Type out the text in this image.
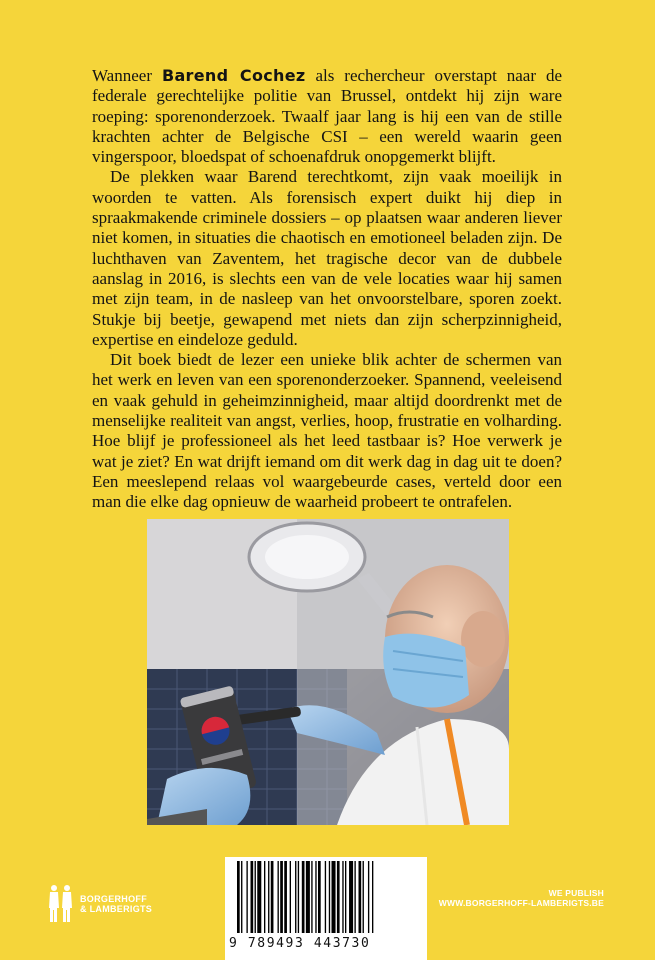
Wanneer Barend Cochez als rechercheur overstapt naar de federale gerechtelijke politie van Brussel, ontdekt hij zijn ware roeping: sporenonderzoek. Twaalf jaar lang is hij een van de stille krachten achter de Belgische CSI – een wereld waarin geen vingerspoor, bloedspat of schoenafdruk onopgemerkt blijft.

De plekken waar Barend terechtkomt, zijn vaak moeilijk in woorden te vatten. Als forensisch expert duikt hij diep in spraakmakende criminele dossiers – op plaatsen waar anderen liever niet komen, in situaties die chaotisch en emotioneel beladen zijn. De luchthaven van Zaventem, het tragische decor van de dubbele aanslag in 2016, is slechts een van de vele locaties waar hij samen met zijn team, in de nasleep van het onvoorstelbare, sporen zoekt. Stukje bij beetje, gewapend met niets dan zijn scherpzinnigheid, expertise en eindeloze geduld.

Dit boek biedt de lezer een unieke blik achter de schermen van het werk en leven van een sporenonderzoeker. Spannend, veeleisend en vaak gehuld in geheimzinnigheid, maar altijd doordrenkt met de menselijke realiteit van angst, verlies, hoop, frustratie en volharding. Hoe blijf je professioneel als het leed tastbaar is? Hoe verwerk je wat je ziet? En wat drijft iemand om dit werk dag in dag uit te doen? Een meeslepend relaas vol waargebeurde cases, verteld door een man die elke dag opnieuw de waarheid probeert te ontrafelen.

BORGERHOFF
& LAMBERIGTS
9 789493 443730
WE PUBLISH
WWW.BORGERHOFF-LAMBERIGTS.BE
